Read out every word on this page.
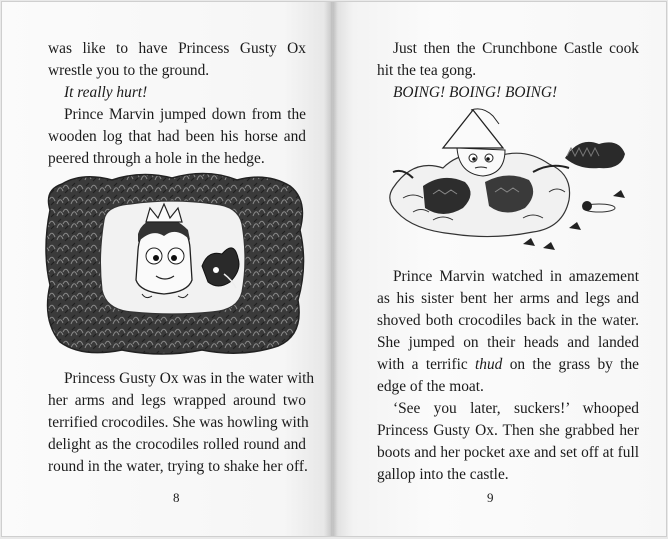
was like to have Princess Gusty Ox
wrestle you to the ground.

It really hurt!

Prince Marvin jumped down from the
wooden log that had been his horse and
peered through a hole in the hedge.

Princess Gusty Ox was in the water with
her arms and legs wrapped around two
terrified crocodiles. She was howling with
delight as the crocodiles rolled round and
round in the water, trying to shake her off.

8

Just then the Crunchbone Castle cook
hit the tea gong.

BOING! BOING! BOING!

Prince Marvin watched in amazement
as his sister bent her arms and legs and
shoved both crocodiles back in the water.
She jumped on their heads and landed
with a terrific thud on the grass by the
edge of the moat.

‘See you later, suckers!’ whooped
Princess Gusty Ox. Then she grabbed her
boots and her pocket axe and set off at full
gallop into the castle.

9
